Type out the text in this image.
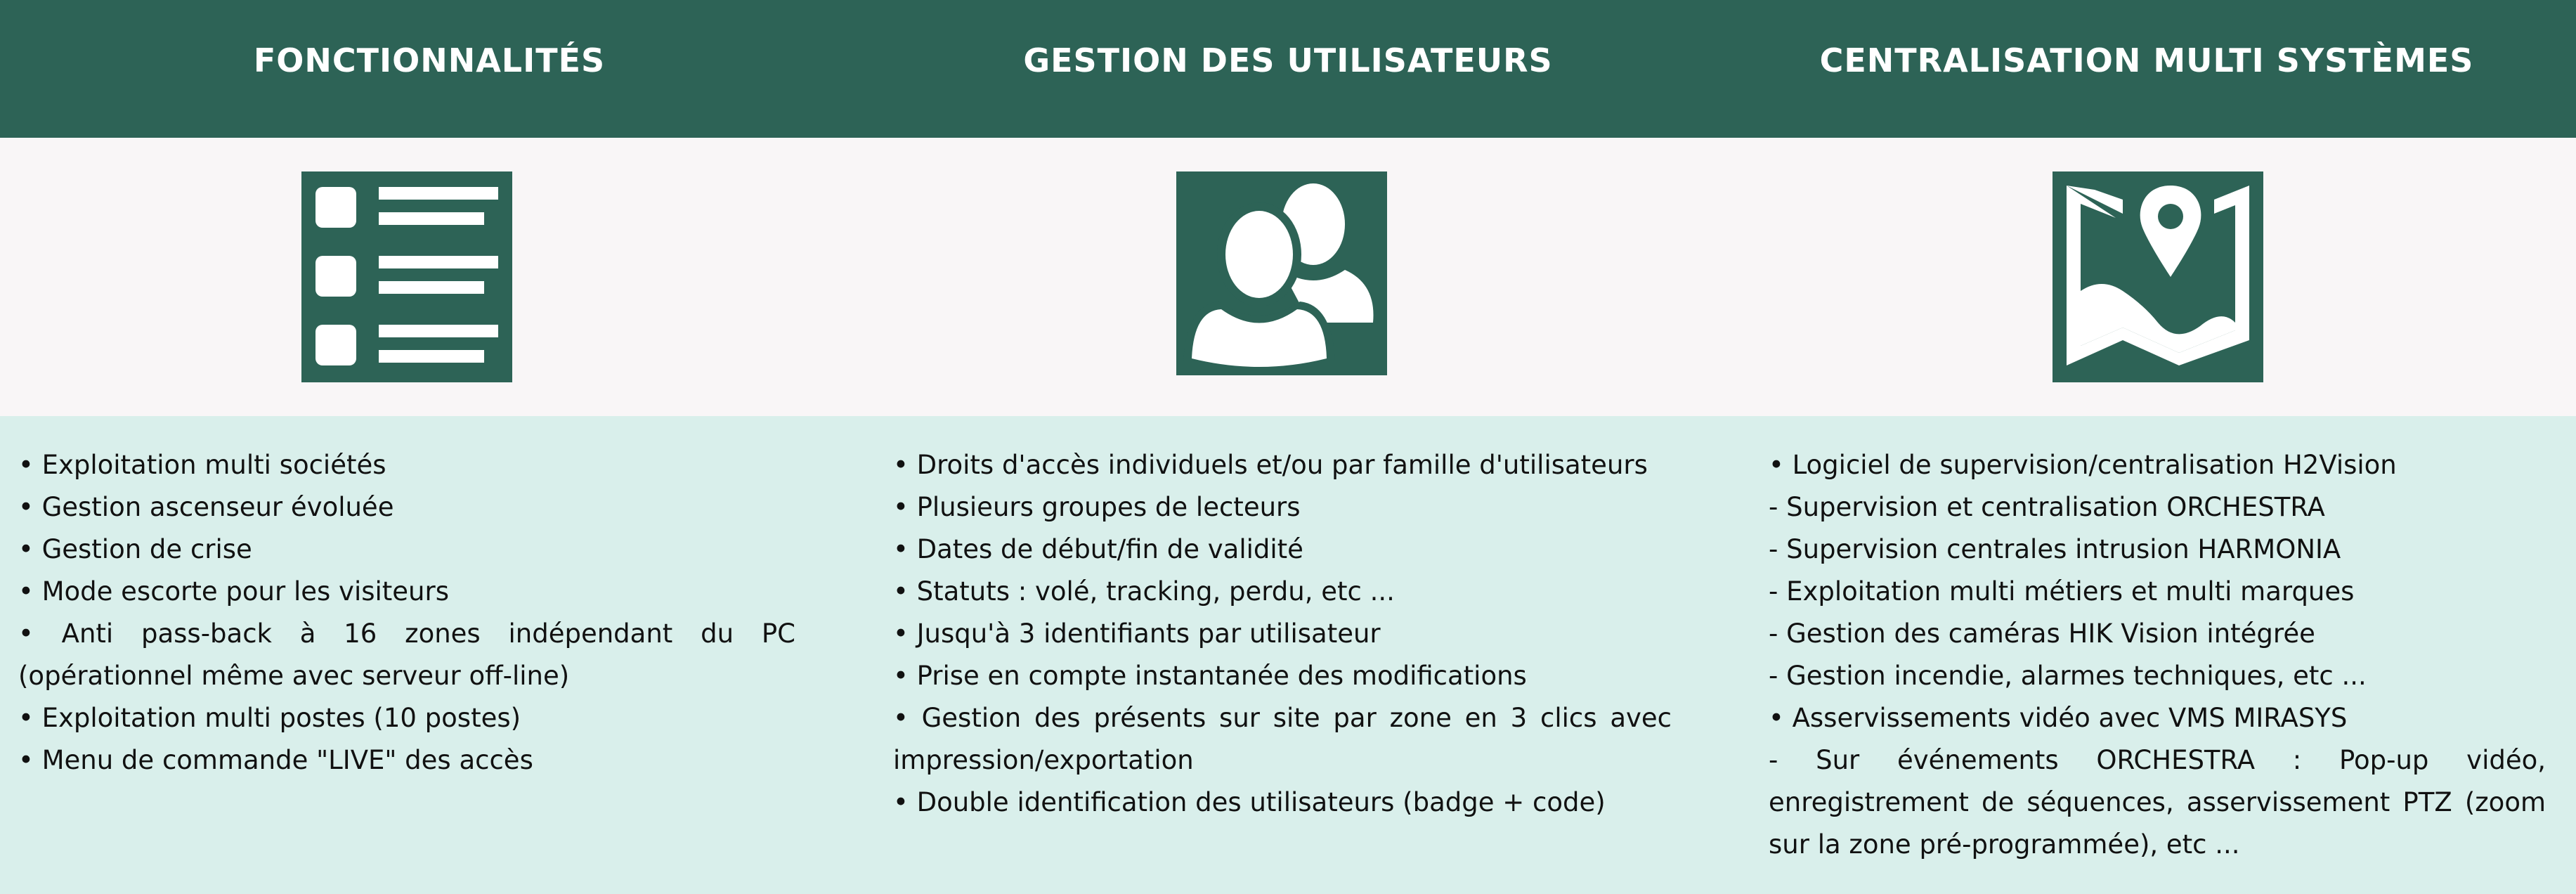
FONCTIONNALITÉS	GESTION DES UTILISATEURS	CENTRALISATION MULTI SYSTÈMES

• Exploitation multi sociétés

• Gestion ascenseur évoluée

• Gestion de crise

• Mode escorte pour les visiteurs

• Anti pass-back à 16 zones indépendant du PC (opérationnel même avec serveur off-line)

• Exploitation multi postes (10 postes)

• Menu de commande "LIVE" des accès

• Droits d'accès individuels et/ou par famille d'utilisateurs

• Plusieurs groupes de lecteurs

• Dates de début/fin de validité

• Statuts : volé, tracking, perdu, etc ...

• Jusqu'à 3 identifiants par utilisateur

• Prise en compte instantanée des modifications

• Gestion des présents sur site par zone en 3 clics avec impression/exportation

• Double identification des utilisateurs (badge + code)

• Logiciel de supervision/centralisation H2Vision

- Supervision et centralisation ORCHESTRA

- Supervision centrales intrusion HARMONIA

- Exploitation multi métiers et multi marques

- Gestion des caméras HIK Vision intégrée

- Gestion incendie, alarmes techniques, etc ...

• Asservissements vidéo avec VMS MIRASYS

- Sur événements ORCHESTRA : Pop-up vidéo, enregistrement de séquences, asservissement PTZ (zoom sur la zone pré-programmée), etc ...
